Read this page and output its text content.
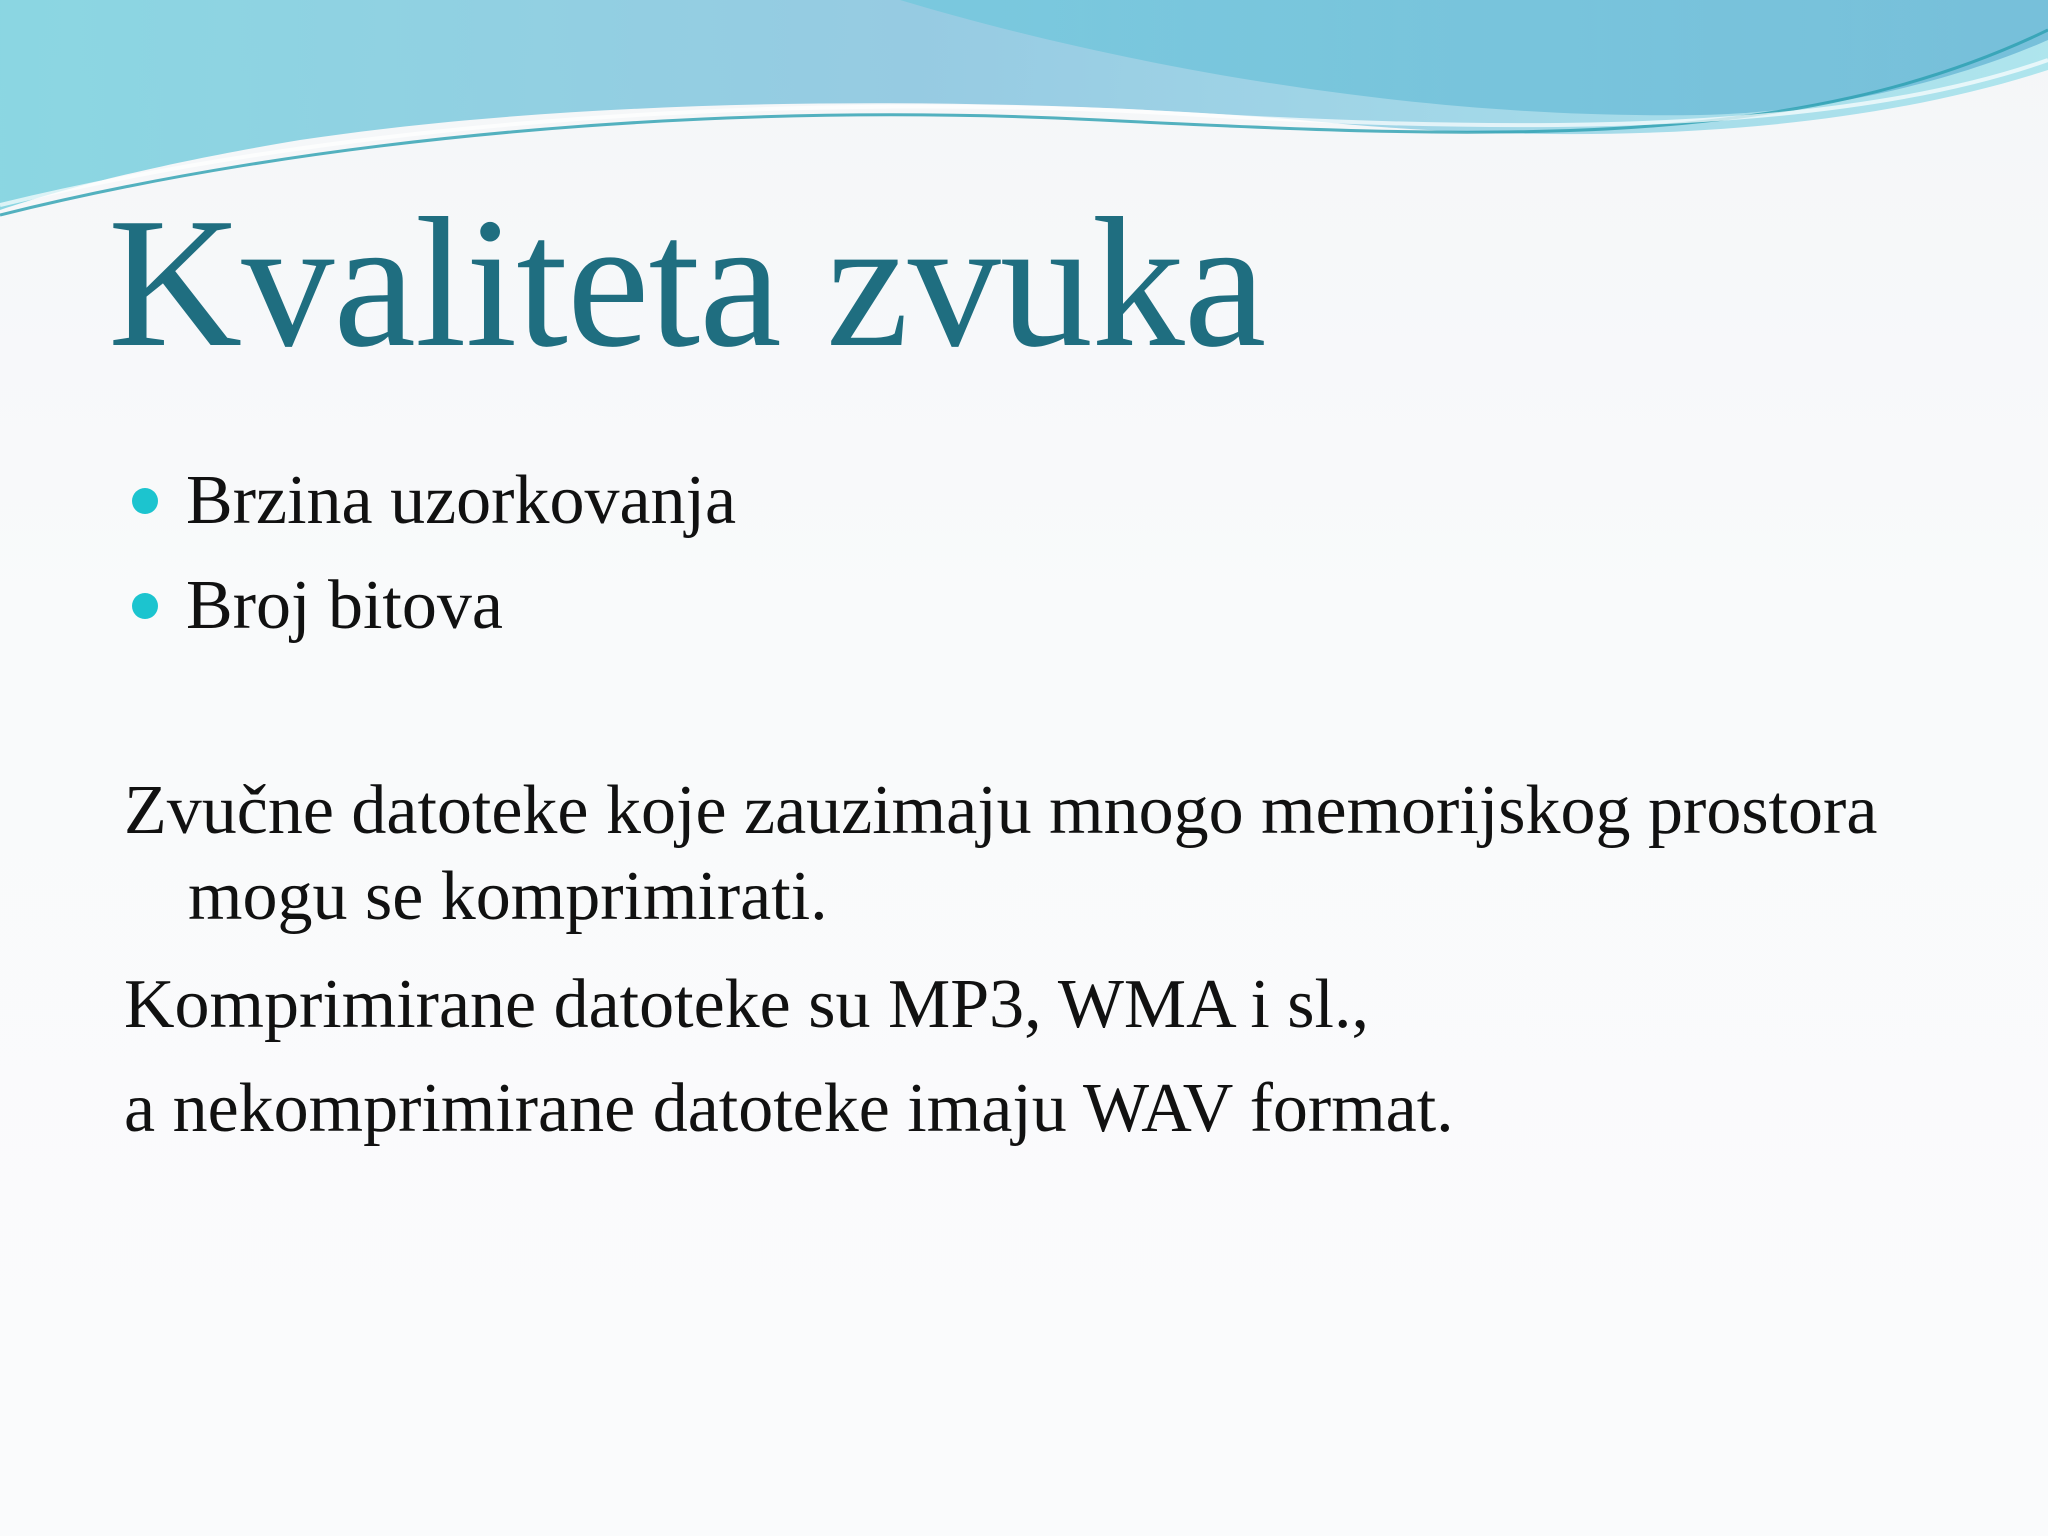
Kvaliteta zvuka
Brzina uzorkovanja
Broj bitova

Zvučne datoteke koje zauzimaju mnogo memorijskog prostora mogu se komprimirati.

Komprimirane datoteke su MP3, WMA i sl.,

a nekomprimirane datoteke imaju WAV format.
